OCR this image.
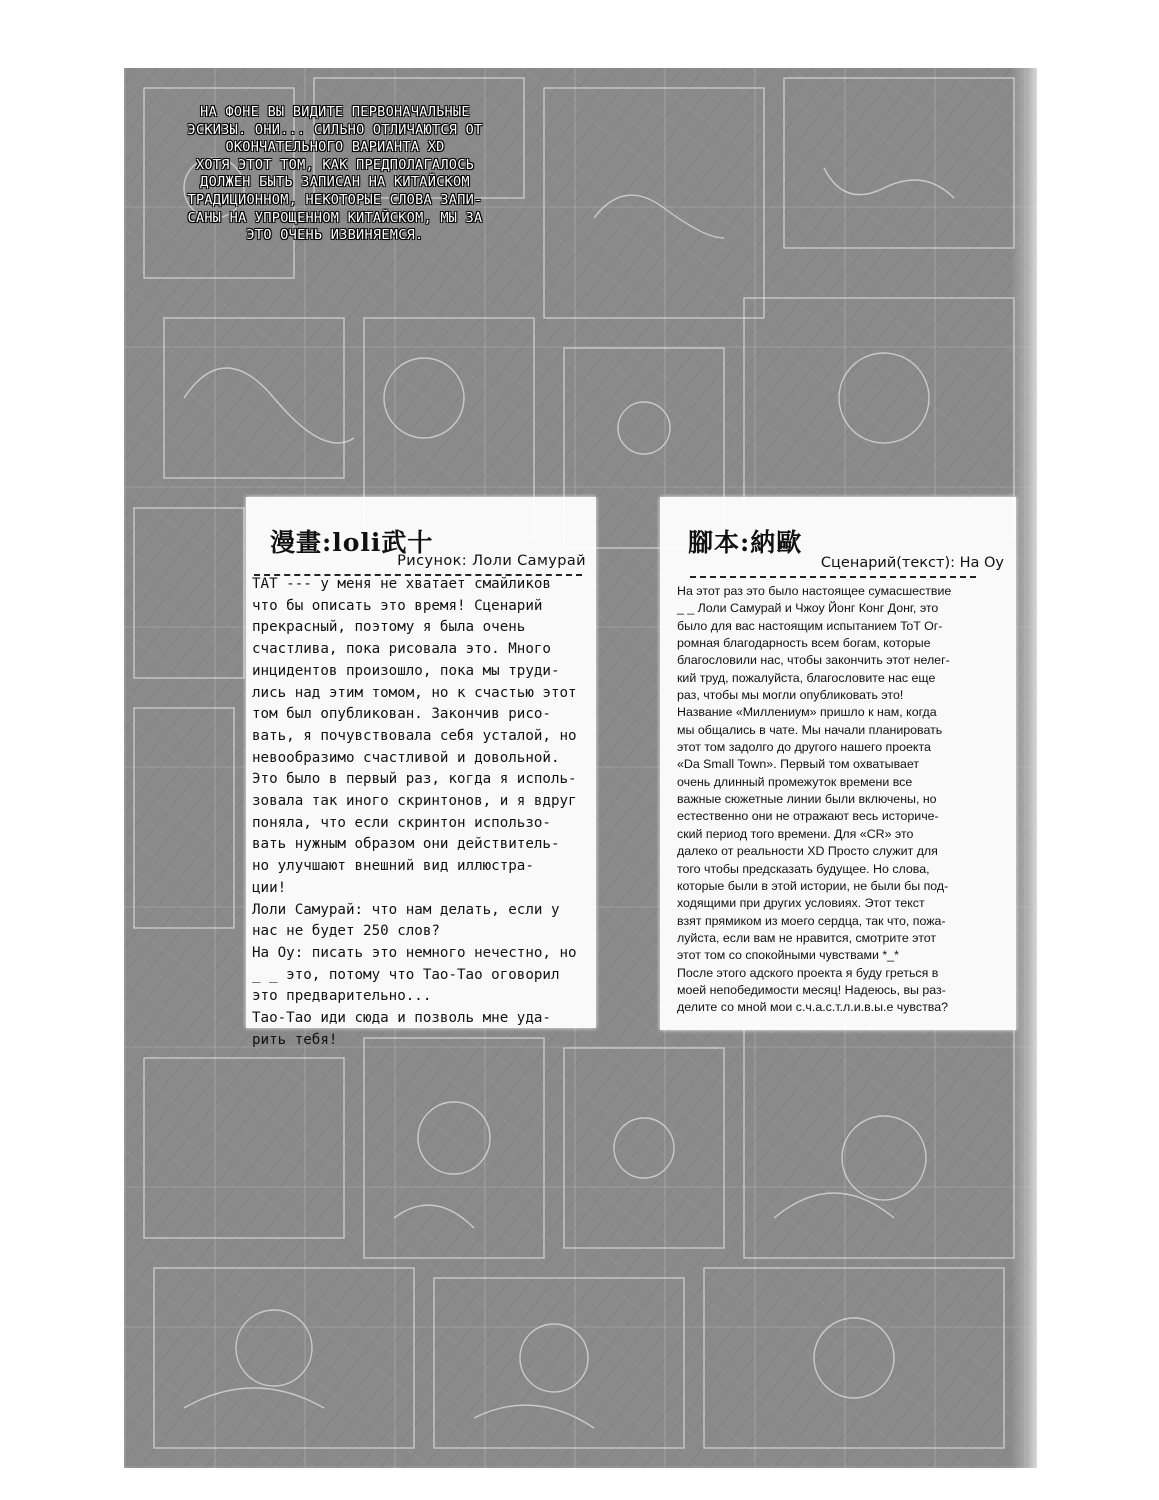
НА ФОНЕ ВЫ ВИДИТЕ ПЕРВОНАЧАЛЬНЫЕ
ЭСКИЗЫ. ОНИ... СИЛЬНО ОТЛИЧАЮТСЯ ОТ
ОКОНЧАТЕЛЬНОГО ВАРИАНТА XD
ХОТЯ ЭТОТ ТОМ, КАК ПРЕДПОЛАГАЛОСЬ
ДОЛЖЕН БЫТЬ ЗАПИСАН НА КИТАЙСКОМ
ТРАДИЦИОННОМ, НЕКОТОРЫЕ СЛОВА ЗАПИ-
САНЫ НА УПРОЩЕННОМ КИТАЙСКОМ, МЫ ЗА
ЭТО ОЧЕНЬ ИЗВИНЯЕМСЯ.
漫畫:loli武十
Рисунок: Лоли Самурай
TAT --- у меня не хватает смайликов
что бы описать это время! Сценарий
прекрасный, поэтому я была очень
счастлива, пока рисовала это. Много
инцидентов произошло, пока мы труди-
лись над этим томом, но к счастью этот
том был опубликован. Закончив рисо-
вать, я почувствовала себя усталой, но
невообразимо счастливой и довольной.
Это было в первый раз, когда я исполь-
зовала так иного скринтонов, и я вдруг
поняла, что если скринтон использо-
вать нужным образом они действитель-
но улучшают внешний вид иллюстра-
ции!
Лоли Самурай: что нам делать, если у
нас не будет 250 слов?
На Оу: писать это немного нечестно, но
_ _ это, потому что Тао-Тао оговорил
это предварительно...
Тао-Тао иди сюда и позволь мне уда-
рить тебя!
腳本:納歐
Сценарий(текст): На Оу
На этот раз это было настоящее сумасшествие
_ _ Лоли Самурай и Чжоу Йонг Конг Донг, это
было для вас настоящим испытанием ToT Ог-
ромная благодарность всем богам, которые
благословили нас, чтобы закончить этот нелег-
кий труд, пожалуйста, благословите нас еще
раз, чтобы мы могли опубликовать это!
Название «Миллениум» пришло к нам, когда
мы общались в чате. Мы начали планировать
этот том задолго до другого нашего проекта
«Da Small Town». Первый том охватывает
очень длинный промежуток времени все
важные сюжетные линии были включены, но
естественно они не отражают весь историче-
ский период того времени. Для «CR» это
далеко от реальности XD Просто служит для
того чтобы предсказать будущее. Но слова,
которые были в этой истории, не были бы под-
ходящими при других условиях. Этот текст
взят прямиком из моего сердца, так что, пожа-
луйста, если вам не нравится, смотрите этот
этот том со спокойными чувствами *_*
После этого адского проекта я буду греться в
моей непобедимости месяц! Надеюсь, вы раз-
делите со мной мои с.ч.а.с.т.л.и.в.ы.е чувства?
